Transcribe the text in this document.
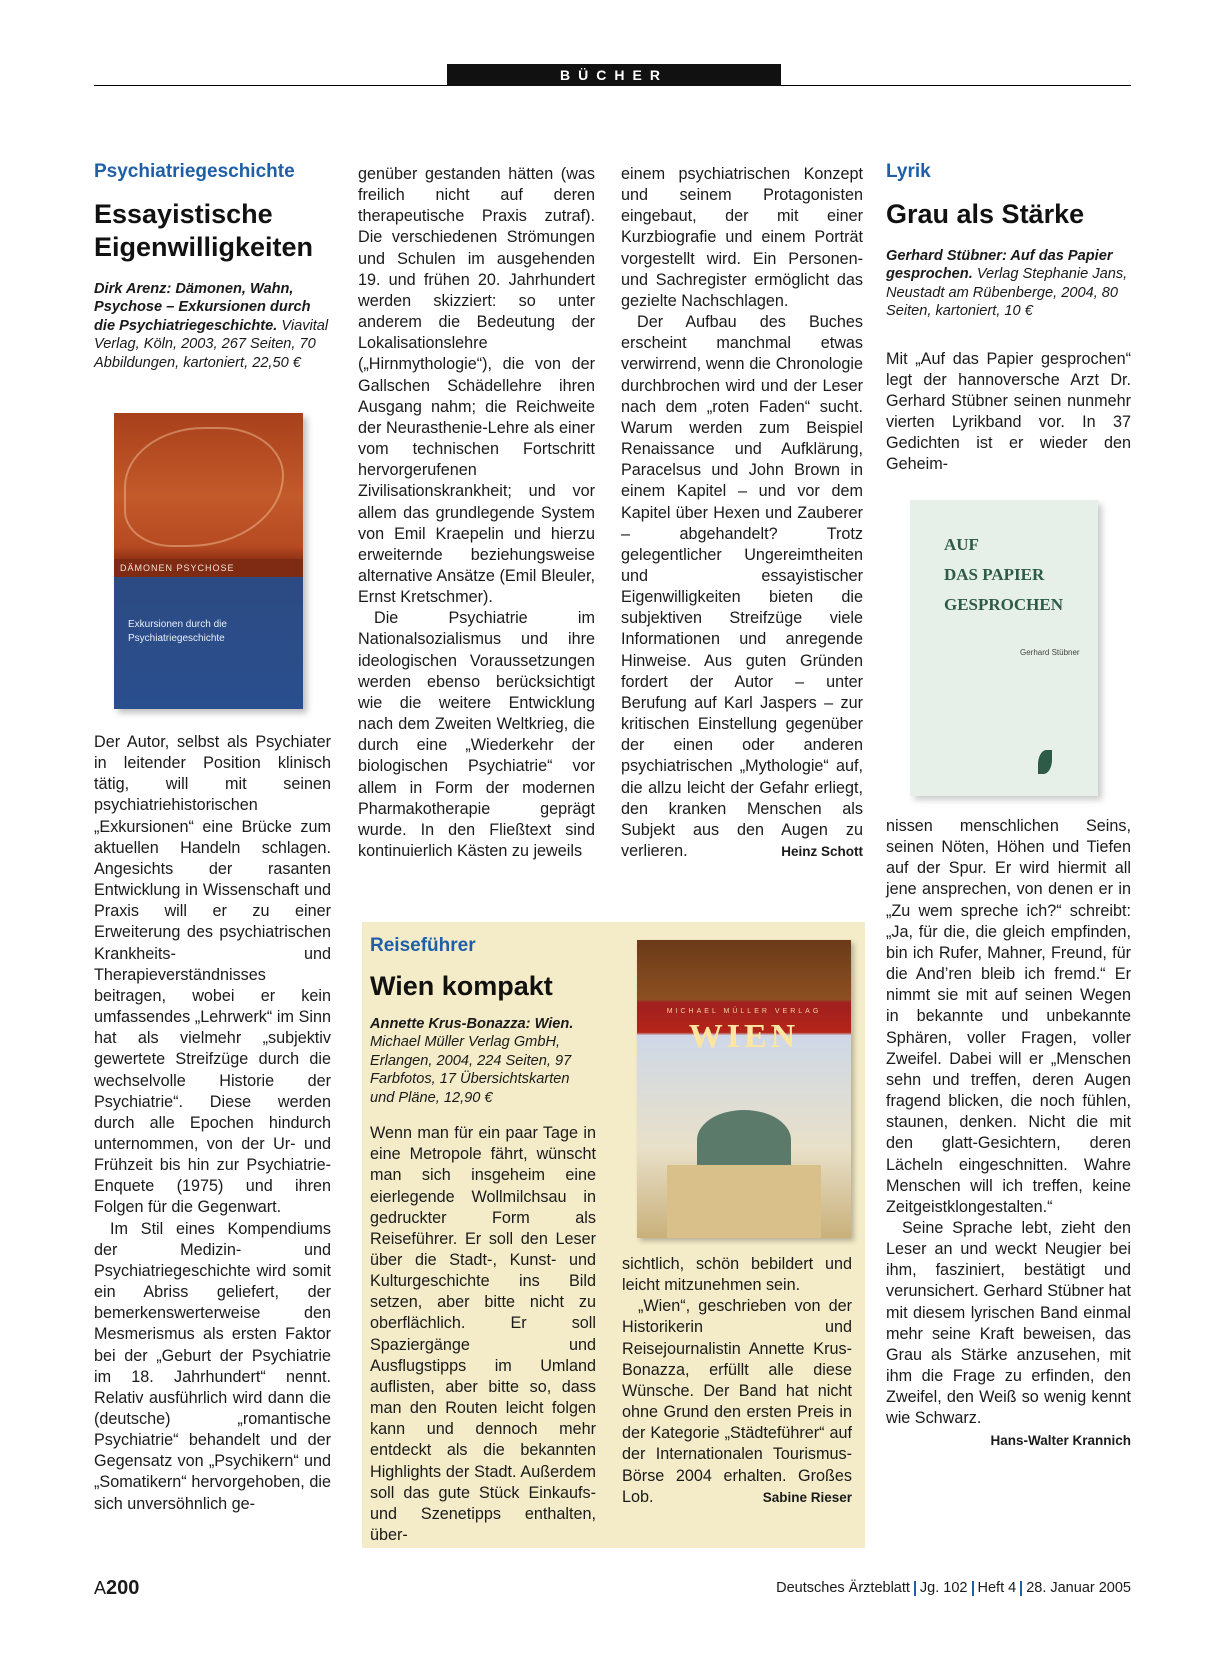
BÜCHER
Psychiatriegeschichte
Essayistische
Eigenwilligkeiten
Dirk Arenz: Dämonen, Wahn, Psychose – Exkursionen durch die Psychiatriegeschichte. Viavital Verlag, Köln, 2003, 267 Seiten, 70 Abbildungen, kartoniert, 22,50 €
DÄMONEN PSYCHOSE
Exkursionen durch die
Psychiatriegeschichte

Der Autor, selbst als Psychiater in leitender Position klinisch tätig, will mit seinen psychiatriehistorischen „Exkursionen“ eine Brücke zum aktuellen Handeln schlagen. Angesichts der rasanten Entwicklung in Wissenschaft und Praxis will er zu einer Erweiterung des psychiatrischen Krankheits- und Therapieverständnisses beitragen, wobei er kein umfassendes „Lehrwerk“ im Sinn hat als vielmehr „subjektiv gewertete Streifzüge durch die wechselvolle Historie der Psychiatrie“. Diese werden durch alle Epochen hindurch unternommen, von der Ur- und Frühzeit bis hin zur Psychiatrie-Enquete (1975) und ihren Folgen für die Gegenwart.

Im Stil eines Kompendiums der Medizin- und Psychiatriegeschichte wird somit ein Abriss geliefert, der bemerkenswerterweise den Mesmerismus als ersten Faktor bei der „Geburt der Psychiatrie im 18. Jahrhundert“ nennt. Relativ ausführlich wird dann die (deutsche) „romantische Psychiatrie“ behandelt und der Gegensatz von „Psychikern“ und „Somatikern“ hervorgehoben, die sich unversöhnlich ge-

genüber gestanden hätten (was freilich nicht auf deren therapeutische Praxis zutraf). Die verschiedenen Strömungen und Schulen im ausgehenden 19. und frühen 20. Jahrhundert werden skizziert: so unter anderem die Bedeutung der Lokalisationslehre („Hirnmythologie“), die von der Gallschen Schädellehre ihren Ausgang nahm; die Reichweite der Neurasthenie-Lehre als einer vom technischen Fortschritt hervorgerufenen Zivilisationskrankheit; und vor allem das grundlegende System von Emil Kraepelin und hierzu erweiternde beziehungsweise alternative Ansätze (Emil Bleuler, Ernst Kretschmer).

Die Psychiatrie im Nationalsozialismus und ihre ideologischen Voraussetzungen werden ebenso berücksichtigt wie die weitere Entwicklung nach dem Zweiten Weltkrieg, die durch eine „Wiederkehr der biologischen Psychiatrie“ vor allem in Form der modernen Pharmakotherapie geprägt wurde. In den Fließtext sind kontinuierlich Kästen zu jeweils

einem psychiatrischen Konzept und seinem Protagonisten eingebaut, der mit einer Kurzbiografie und einem Porträt vorgestellt wird. Ein Personen- und Sachregister ermöglicht das gezielte Nachschlagen.

Der Aufbau des Buches erscheint manchmal etwas verwirrend, wenn die Chronologie durchbrochen wird und der Leser nach dem „roten Faden“ sucht. Warum werden zum Beispiel Renaissance und Aufklärung, Paracelsus und John Brown in einem Kapitel – und vor dem Kapitel über Hexen und Zauberer – abgehandelt? Trotz gelegentlicher Ungereimtheiten und essayistischer Eigenwilligkeiten bieten die subjektiven Streifzüge viele Informationen und anregende Hinweise. Aus guten Gründen fordert der Autor – unter Berufung auf Karl Jaspers – zur kritischen Einstellung gegenüber der einen oder anderen psychiatrischen „Mythologie“ auf, die allzu leicht der Gefahr erliegt, den kranken Menschen als Subjekt aus den Augen zu verlieren.	Heinz Schott

Lyrik
Grau als Stärke
Gerhard Stübner: Auf das Papier gesprochen. Verlag Stephanie Jans, Neustadt am Rübenberge, 2004, 80 Seiten, kartoniert, 10 €

Mit „Auf das Papier gesprochen“ legt der hannoversche Arzt Dr. Gerhard Stübner seinen nunmehr vierten Lyrikband vor. In 37 Gedichten ist er wieder den Geheim-

AUF
DAS PAPIER
GESPROCHEN
Gerhard Stübner

nissen menschlichen Seins, seinen Nöten, Höhen und Tiefen auf der Spur. Er wird hiermit all jene ansprechen, von denen er in „Zu wem spreche ich?“ schreibt: „Ja, für die, die gleich empfinden, bin ich Rufer, Mahner, Freund, für die And’ren bleib ich fremd.“ Er nimmt sie mit auf seinen Wegen in bekannte und unbekannte Sphären, voller Fragen, voller Zweifel. Dabei will er „Menschen sehn und treffen, deren Augen fragend blicken, die noch fühlen, staunen, denken. Nicht die mit den glatt-Gesichtern, deren Lächeln eingeschnitten. Wahre Menschen will ich treffen, keine Zeitgeistklongestalten.“

Seine Sprache lebt, zieht den Leser an und weckt Neugier bei ihm, fasziniert, bestätigt und verunsichert. Gerhard Stübner hat mit diesem lyrischen Band einmal mehr seine Kraft beweisen, das Grau als Stärke anzusehen, mit ihm die Frage zu erfinden, den Zweifel, den Weiß so wenig kennt wie Schwarz.
Hans-Walter Krannich

Reiseführer
Wien kompakt
Annette Krus-Bonazza: Wien. Michael Müller Verlag GmbH, Erlangen, 2004, 224 Seiten, 97 Farbfotos, 17 Übersichtskarten und Pläne, 12,90 €

Wenn man für ein paar Tage in eine Metropole fährt, wünscht man sich insgeheim eine eierlegende Wollmilchsau in gedruckter Form als Reiseführer. Er soll den Leser über die Stadt-, Kunst- und Kulturgeschichte ins Bild setzen, aber bitte nicht zu oberflächlich. Er soll Spaziergänge und Ausflugstipps im Umland auflisten, aber bitte so, dass man den Routen leicht folgen kann und dennoch mehr entdeckt als die bekannten Highlights der Stadt. Außerdem soll das gute Stück Einkaufs- und Szenetipps enthalten, über-

MICHAEL MÜLLER VERLAG
WIEN

sichtlich, schön bebildert und leicht mitzunehmen sein.

„Wien“, geschrieben von der Historikerin und Reisejournalistin Annette Krus-Bonazza, erfüllt alle diese Wünsche. Der Band hat nicht ohne Grund den ersten Preis in der Kategorie „Städteführer“ auf der Internationalen Tourismus-Börse 2004 erhalten. Großes Lob.	Sabine Rieser

A200	Deutsches Ärzteblatt Jg. 102 Heft 4 28. Januar 2005
